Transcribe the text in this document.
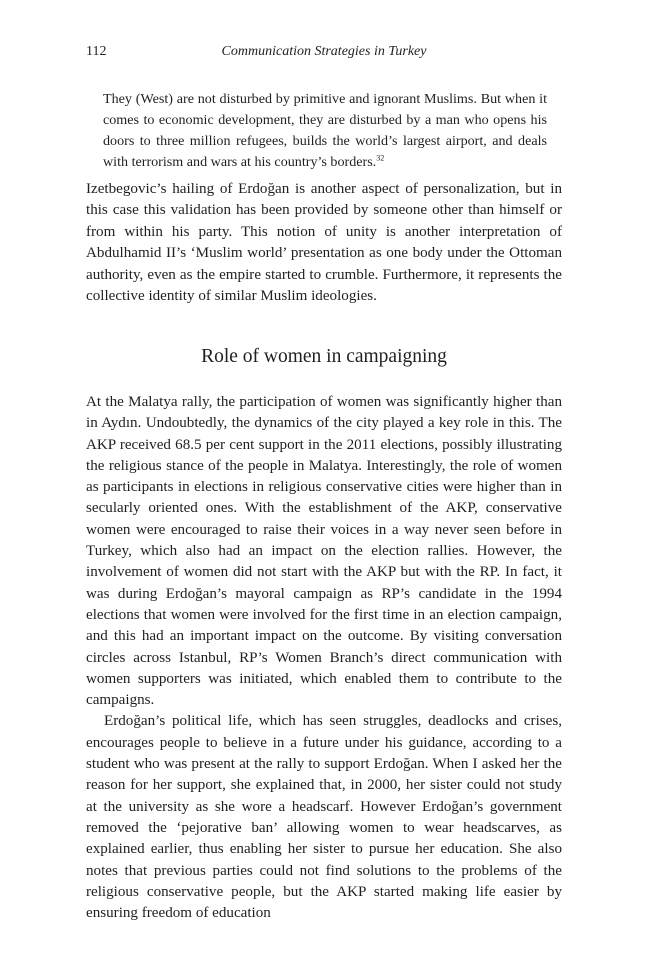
112	Communication Strategies in Turkey

They (West) are not disturbed by primitive and ignorant Muslims. But when it comes to economic development, they are disturbed by a man who opens his doors to three million refugees, builds the world’s largest airport, and deals with terrorism and wars at his country’s borders.$^{32}$

Izetbegovic’s hailing of Erdoğan is another aspect of personalization, but in this case this validation has been provided by someone other than himself or from within his party. This notion of unity is another interpretation of Abdulhamid II’s ‘Muslim world’ presentation as one body under the Ottoman authority, even as the empire started to crumble. Furthermore, it represents the collective identity of similar Muslim ideologies.

Role of women in campaigning

At the Malatya rally, the participation of women was significantly higher than in Aydın. Undoubtedly, the dynamics of the city played a key role in this. The AKP received 68.5 per cent support in the 2011 elections, possibly illustrating the religious stance of the people in Malatya. Interestingly, the role of women as participants in elections in religious conservative cities were higher than in secularly oriented ones. With the establishment of the AKP, conservative women were encouraged to raise their voices in a way never seen before in Turkey, which also had an impact on the election rallies. However, the involvement of women did not start with the AKP but with the RP. In fact, it was during Erdoğan’s mayoral campaign as RP’s candidate in the 1994 elections that women were involved for the first time in an election campaign, and this had an important impact on the outcome. By visiting conversation circles across Istanbul, RP’s Women Branch’s direct communication with women supporters was initiated, which enabled them to contribute to the campaigns.

Erdoğan’s political life, which has seen struggles, deadlocks and crises, encourages people to believe in a future under his guidance, according to a student who was present at the rally to support Erdoğan. When I asked her the reason for her support, she explained that, in 2000, her sister could not study at the university as she wore a headscarf. However Erdoğan’s government removed the ‘pejorative ban’ allowing women to wear headscarves, as explained earlier, thus enabling her sister to pursue her education. She also notes that previous parties could not find solutions to the problems of the religious conservative people, but the AKP started making life easier by ensuring freedom of education
